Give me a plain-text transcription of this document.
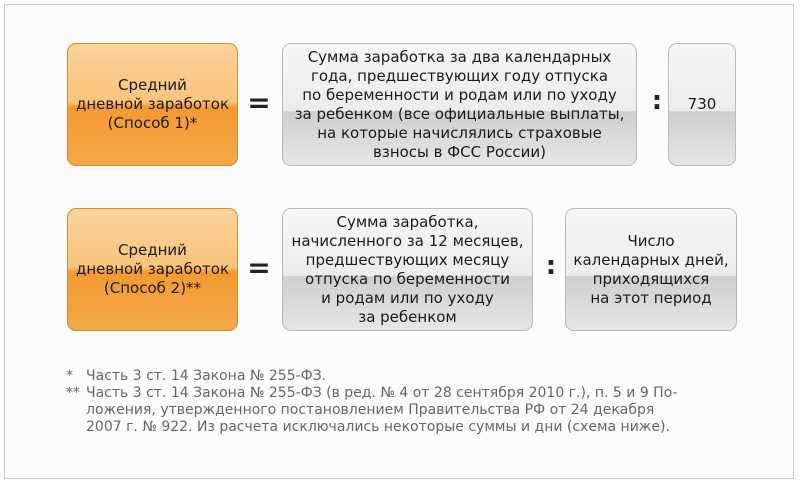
Средний
дневной заработок
(Способ 1)*
=
Сумма заработка за два календарных
года, предшествующих году отпуска
по беременности и родам или по уходу
за ребенком (все официальные выплаты,
на которые начислялись страховые
взносы в ФСС России)
:	730
Средний
дневной заработок
(Способ 2)**
=
Сумма заработка,
начисленного за 12 месяцев,
предшествующих месяцу
отпуска по беременности
и родам или по уходу
за ребенком
:
Число
календарных дней,
приходящихся
на этот период
* Часть 3 ст. 14 Закона № 255-ФЗ.
** Часть 3 ст. 14 Закона № 255-ФЗ (в ред. № 4 от 28 сентября 2010 г.), п. 5 и 9 По-
ложения, утвержденного постановлением Правительства РФ от 24 декабря
2007 г. № 922. Из расчета исключались некоторые суммы и дни (схема ниже).
